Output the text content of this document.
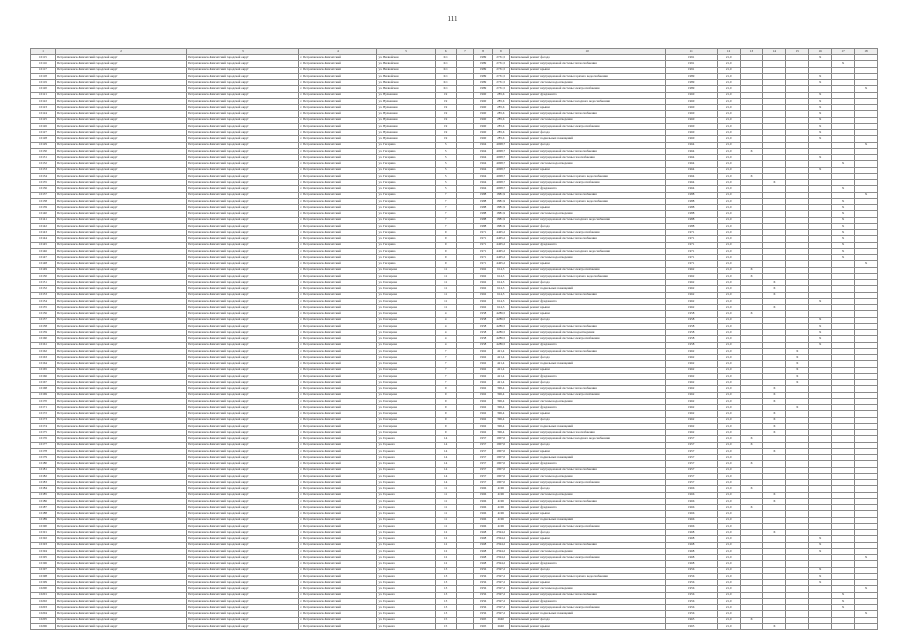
111
1	2	3	4	5	6	7	8	9	10	11	12	13	14	15	16	17	18
10115	Петропавловск-Камчатский городской округ	Петропавловск-Камчатский городской округ	г. Петропавловск-Камчатский	ул. Вилюйская	6/1		1989	2731,5	Капитальный ремонт фасада	1991	21,0				Х		
10116	Петропавловск-Камчатский городской округ	Петропавловск-Камчатский городской округ	г. Петропавловск-Камчатский	ул. Вилюйская	6/1		1989	2731,5	Капитальный ремонт внутридомовой системы теплоснабжения	1991	21,0					Х	
10117	Петропавловск-Камчатский городской округ	Петропавловск-Камчатский городской округ	г. Петропавловск-Камчатский	ул. Вилюйская	6/1		1989	2731,5	Капитальный ремонт крыши	1991	21,0						
10118	Петропавловск-Камчатский городской округ	Петропавловск-Камчатский городской округ	г. Петропавловск-Камчатский	ул. Вилюйская	6/1		1989	2731,5	Капитальный ремонт внутридомовой системы горячего водоснабжения	1989	21,0				Х		
10119	Петропавловск-Камчатский городской округ	Петропавловск-Камчатский городской округ	г. Петропавловск-Камчатский	ул. Вилюйская	6/1		1989	2731,5	Капитальный ремонт системы водоотведения	1989	21,0				Х		
10120	Петропавловск-Камчатский городской округ	Петропавловск-Камчатский городской округ	г. Петропавловск-Камчатский	ул. Вилюйская	6/1		1989	2731,5	Капитальный ремонт внутридомовой системы электроснабжения	1989	21,0						Х
10121	Петропавловск-Камчатский городской округ	Петропавловск-Камчатский городской округ	г. Петропавловск-Камчатский	ул. Вулканная	19		1960	285,6	Капитальный ремонт фундамента	1960	21,0				Х		
10122	Петропавловск-Камчатский городской округ	Петропавловск-Камчатский городской округ	г. Петропавловск-Камчатский	ул. Вулканная	19		1960	285,6	Капитальный ремонт внутридомовой системы холодного водоснабжения	1960	21,0				Х		
10123	Петропавловск-Камчатский городской округ	Петропавловск-Камчатский городской округ	г. Петропавловск-Камчатский	ул. Вулканная	19		1960	285,6	Капитальный ремонт крыши	1960	21,0				Х		
10124	Петропавловск-Камчатский городской округ	Петропавловск-Камчатский городской округ	г. Петропавловск-Камчатский	ул. Вулканная	19		1960	285,6	Капитальный ремонт внутридомовой системы теплоснабжения	1960	21,0				Х		
10125	Петропавловск-Камчатский городской округ	Петропавловск-Камчатский городской округ	г. Петропавловск-Камчатский	ул. Вулканная	19		1960	285,6	Капитальный ремонт системы водоотведения	1960	21,0				Х		
10126	Петропавловск-Камчатский городской округ	Петропавловск-Камчатский городской округ	г. Петропавловск-Камчатский	ул. Вулканная	19		1960	285,6	Капитальный ремонт внутридомовой системы электроснабжения	1960	21,0				Х		
10127	Петропавловск-Камчатский городской округ	Петропавловск-Камчатский городской округ	г. Петропавловск-Камчатский	ул. Вулканная	19		1960	285,6	Капитальный ремонт фасада	1960	21,0				Х		
10128	Петропавловск-Камчатский городской округ	Петропавловск-Камчатский городской округ	г. Петропавловск-Камчатский	ул. Вулканная	19		1960	285,6	Капитальный ремонт подвальных помещений	1960	21,0				Х		
10129	Петропавловск-Камчатский городской округ	Петропавловск-Камчатский городской округ	г. Петропавловск-Камчатский	ул. Гагарина	5		1964	4068,7	Капитальный ремонт фасада	1964	21,0						Х
10130	Петропавловск-Камчатский городской округ	Петропавловск-Камчатский городской округ	г. Петропавловск-Камчатский	ул. Гагарина	5		1964	4068,7	Капитальный ремонт внутридомовой системы теплоснабжения	1964	21,0	Х					
10131	Петропавловск-Камчатский городской округ	Петропавловск-Камчатский городской округ	г. Петропавловск-Камчатский	ул. Гагарина	5		1964	4068,7	Капитальный ремонт внутридомовой системы газоснабжения	1964	21,0				Х		
10132	Петропавловск-Камчатский городской округ	Петропавловск-Камчатский городской округ	г. Петропавловск-Камчатский	ул. Гагарина	5		1964	4068,7	Капитальный ремонт системы водоотведения	1964	21,0					Х	
10133	Петропавловск-Камчатский городской округ	Петропавловск-Камчатский городской округ	г. Петропавловск-Камчатский	ул. Гагарина	5		1964	4068,7	Капитальный ремонт крыши	1964	21,0				Х		
10134	Петропавловск-Камчатский городской округ	Петропавловск-Камчатский городской округ	г. Петропавловск-Камчатский	ул. Гагарина	5		1964	4068,7	Капитальный ремонт внутридомовой системы горячего водоснабжения	1964	21,0	Х					
10135	Петропавловск-Камчатский городской округ	Петропавловск-Камчатский городской округ	г. Петропавловск-Камчатский	ул. Гагарина	5		1964	4068,7	Капитальный ремонт внутридомовой системы электроснабжения	1964	21,0		Х				
10136	Петропавловск-Камчатский городской округ	Петропавловск-Камчатский городской округ	г. Петропавловск-Камчатский	ул. Гагарина	5		1964	4068,7	Капитальный ремонт фундамента	1964	21,0					Х	
10137	Петропавловск-Камчатский городской округ	Петропавловск-Камчатский городской округ	г. Петропавловск-Камчатский	ул. Гагарина	7		1988	1881,9	Капитальный ремонт внутридомовой системы теплоснабжения	1988	21,0						Х
10138	Петропавловск-Камчатский городской округ	Петропавловск-Камчатский городской округ	г. Петропавловск-Камчатский	ул. Гагарина	7		1988	1881,9	Капитальный ремонт внутридомовой системы горячего водоснабжения	1988	21,0					Х	
10139	Петропавловск-Камчатский городской округ	Петропавловск-Камчатский городской округ	г. Петропавловск-Камчатский	ул. Гагарина	7		1988	1881,9	Капитальный ремонт крыши	1988	21,0					Х	
10140	Петропавловск-Камчатский городской округ	Петропавловск-Камчатский городской округ	г. Петропавловск-Камчатский	ул. Гагарина	7		1988	1881,9	Капитальный ремонт системы водоотведения	1988	21,0					Х	
10141	Петропавловск-Камчатский городской округ	Петропавловск-Камчатский городской округ	г. Петропавловск-Камчатский	ул. Гагарина	7		1988	1881,9	Капитальный ремонт внутридомовой системы холодного водоснабжения	1988	21,0					Х	
10142	Петропавловск-Камчатский городской округ	Петропавловск-Камчатский городской округ	г. Петропавловск-Камчатский	ул. Гагарина	7		1988	1881,9	Капитальный ремонт фасада	1988	21,0					Х	
10143	Петропавловск-Камчатский городской округ	Петропавловск-Камчатский городской округ	г. Петропавловск-Камчатский	ул. Гагарина	9		1971	4465,2	Капитальный ремонт внутридомовой системы электроснабжения	1971	21,0					Х	
10144	Петропавловск-Камчатский городской округ	Петропавловск-Камчатский городской округ	г. Петропавловск-Камчатский	ул. Гагарина	9		1971	4465,2	Капитальный ремонт внутридомовой системы теплоснабжения	1971	21,0					Х	
10145	Петропавловск-Камчатский городской округ	Петропавловск-Камчатский городской округ	г. Петропавловск-Камчатский	ул. Гагарина	9		1971	4465,2	Капитальный ремонт фундамента	1971	21,0					Х	
10146	Петропавловск-Камчатский городской округ	Петропавловск-Камчатский городской округ	г. Петропавловск-Камчатский	ул. Гагарина	9		1971	4465,2	Капитальный ремонт внутридомовой системы холодного водоснабжения	1971	21,0					Х	
10147	Петропавловск-Камчатский городской округ	Петропавловск-Камчатский городской округ	г. Петропавловск-Камчатский	ул. Гагарина	9		1971	4465,2	Капитальный ремонт системы водоотведения	1971	21,0					Х	
10148	Петропавловск-Камчатский городской округ	Петропавловск-Камчатский городской округ	г. Петропавловск-Камчатский	ул. Гагарина	9		1971	4465,2	Капитальный ремонт крыши	1971	21,0						Х
10149	Петропавловск-Камчатский городской округ	Петропавловск-Камчатский городской округ	г. Петропавловск-Камчатский	ул. Гончарова	11		1962	614,3	Капитальный ремонт внутридомовой системы электроснабжения	1962	21,0	Х					
10150	Петропавловск-Камчатский городской округ	Петропавловск-Камчатский городской округ	г. Петропавловск-Камчатский	ул. Гончарова	11		1962	614,3	Капитальный ремонт внутридомовой системы горячего водоснабжения	1962	21,0	Х					
10151	Петропавловск-Камчатский городской округ	Петропавловск-Камчатский городской округ	г. Петропавловск-Камчатский	ул. Гончарова	11		1962	614,3	Капитальный ремонт фасада	1962	21,0		Х				
10152	Петропавловск-Камчатский городской округ	Петропавловск-Камчатский городской округ	г. Петропавловск-Камчатский	ул. Гончарова	11		1962	614,3	Капитальный ремонт подвальных помещений	1962	21,0		Х				
10153	Петропавловск-Камчатский городской округ	Петропавловск-Камчатский городской округ	г. Петропавловск-Камчатский	ул. Гончарова	11		1962	614,3	Капитальный ремонт внутридомовой системы теплоснабжения	1962	21,0		Х				
10154	Петропавловск-Камчатский городской округ	Петропавловск-Камчатский городской округ	г. Петропавловск-Камчатский	ул. Гончарова	11		1962	614,3	Капитальный ремонт фундамента	1962	21,0				Х		
10155	Петропавловск-Камчатский городской округ	Петропавловск-Камчатский городской округ	г. Петропавловск-Камчатский	ул. Гончарова	11		1962	614,3	Капитальный ремонт крыши	1962	21,0		Х				
10156	Петропавловск-Камчатский городской округ	Петропавловск-Камчатский городской округ	г. Петропавловск-Камчатский	ул. Гончарова	4		1958	4286,5	Капитальный ремонт крыши	1958	21,0	Х					
10157	Петропавловск-Камчатский городской округ	Петропавловск-Камчатский городской округ	г. Петропавловск-Камчатский	ул. Гончарова	4		1958	4286,5	Капитальный ремонт фасада	1958	21,0				Х		
10158	Петропавловск-Камчатский городской округ	Петропавловск-Камчатский городской округ	г. Петропавловск-Камчатский	ул. Гончарова	4		1958	4286,5	Капитальный ремонт внутридомовой системы теплоснабжения	1958	21,0				Х		
10159	Петропавловск-Камчатский городской округ	Петропавловск-Камчатский городской округ	г. Петропавловск-Камчатский	ул. Гончарова	4		1958	4286,5	Капитальный ремонт внутридомовой системы водоотведения	1958	21,0				Х		
10160	Петропавловск-Камчатский городской округ	Петропавловск-Камчатский городской округ	г. Петропавловск-Камчатский	ул. Гончарова	4		1958	4286,5	Капитальный ремонт внутридомовой системы электроснабжения	1958	21,0				Х		
10161	Петропавловск-Камчатский городской округ	Петропавловск-Камчатский городской округ	г. Петропавловск-Камчатский	ул. Гончарова	4		1958	4286,5	Капитальный ремонт фундамента	1958	21,0				Х		
10162	Петропавловск-Камчатский городской округ	Петропавловск-Камчатский городской округ	г. Петропавловск-Камчатский	ул. Гончарова	7		1962	421,4	Капитальный ремонт внутридомовой системы теплоснабжения	1962	21,0			Х			
10163	Петропавловск-Камчатский городской округ	Петропавловск-Камчатский городской округ	г. Петропавловск-Камчатский	ул. Гончарова	7		1962	421,4	Капитальный ремонт фасада	1962	21,0			Х			
10164	Петропавловск-Камчатский городской округ	Петропавловск-Камчатский городской округ	г. Петропавловск-Камчатский	ул. Гончарова	7		1962	421,4	Капитальный ремонт подвальных помещений	1962	21,0			Х			
10165	Петропавловск-Камчатский городской округ	Петропавловск-Камчатский городской округ	г. Петропавловск-Камчатский	ул. Гончарова	7		1962	421,4	Капитальный ремонт крыши	1962	21,0			Х			
10166	Петропавловск-Камчатский городской округ	Петропавловск-Камчатский городской округ	г. Петропавловск-Камчатский	ул. Гончарова	7		1962	421,4	Капитальный ремонт фундамента	1962	21,0			Х			
10167	Петропавловск-Камчатский городской округ	Петропавловск-Камчатский городской округ	г. Петропавловск-Камчатский	ул. Гончарова	7		1962	421,4	Капитальный ремонт фасада	1962	21,0			Х			
10168	Петропавловск-Камчатский городской округ	Петропавловск-Камчатский городской округ	г. Петропавловск-Камчатский	ул. Гончарова	9		1962	396,4	Капитальный ремонт внутридомовой системы теплоснабжения	1962	21,0		Х				
10169	Петропавловск-Камчатский городской округ	Петропавловск-Камчатский городской округ	г. Петропавловск-Камчатский	ул. Гончарова	9		1962	396,4	Капитальный ремонт внутридомовой системы электроснабжения	1962	21,0		Х				
10170	Петропавловск-Камчатский городской округ	Петропавловск-Камчатский городской округ	г. Петропавловск-Камчатский	ул. Гончарова	9		1962	396,4	Капитальный ремонт системы водоотведения	1962	21,0		Х				
10171	Петропавловск-Камчатский городской округ	Петропавловск-Камчатский городской округ	г. Петропавловск-Камчатский	ул. Гончарова	9		1962	396,4	Капитальный ремонт фундамента	1962	21,0			Х			
10172	Петропавловск-Камчатский городской округ	Петропавловск-Камчатский городской округ	г. Петропавловск-Камчатский	ул. Гончарова	9		1962	396,4	Капитальный ремонт крыши	1962	21,0		Х				
10173	Петропавловск-Камчатский городской округ	Петропавловск-Камчатский городской округ	г. Петропавловск-Камчатский	ул. Гончарова	9		1962	396,4	Капитальный ремонт фасада	1962	21,0		Х				
10174	Петропавловск-Камчатский городской округ	Петропавловск-Камчатский городской округ	г. Петропавловск-Камчатский	ул. Гончарова	9		1962	396,4	Капитальный ремонт подвальных помещений	1962	21,0		Х				
10175	Петропавловск-Камчатский городской округ	Петропавловск-Камчатский городской округ	г. Петропавловск-Камчатский	ул. Гончарова	9		1962	396,4	Капитальный ремонт внутридомовой системы газоснабжения	1962	21,0		Х				
10176	Петропавловск-Камчатский городской округ	Петропавловск-Камчатский городской округ	г. Петропавловск-Камчатский	ул. Горького	14		1957	1907,0	Капитальный ремонт внутридомовой системы холодного водоснабжения	1957	21,0	Х					
10177	Петропавловск-Камчатский городской округ	Петропавловск-Камчатский городской округ	г. Петропавловск-Камчатский	ул. Горького	14		1957	1907,0	Капитальный ремонт фасада	1957	21,0	Х					
10178	Петропавловск-Камчатский городской округ	Петропавловск-Камчатский городской округ	г. Петропавловск-Камчатский	ул. Горького	14		1957	1907,0	Капитальный ремонт крыши	1957	21,0		Х				
10179	Петропавловск-Камчатский городской округ	Петропавловск-Камчатский городской округ	г. Петропавловск-Камчатский	ул. Горького	14		1957	1907,0	Капитальный ремонт подвальных помещений	1957	21,0						
10180	Петропавловск-Камчатский городской округ	Петропавловск-Камчатский городской округ	г. Петропавловск-Камчатский	ул. Горького	14		1957	1907,0	Капитальный ремонт фундамента	1957	21,0	Х					
10181	Петропавловск-Камчатский городской округ	Петропавловск-Камчатский городской округ	г. Петропавловск-Камчатский	ул. Горького	14		1957	1907,0	Капитальный ремонт внутридомовой системы теплоснабжения	1957	21,0						
10182	Петропавловск-Камчатский городской округ	Петропавловск-Камчатский городской округ	г. Петропавловск-Камчатский	ул. Горького	14		1957	1907,0	Капитальный ремонт системы водоотведения	1957	21,0						
10183	Петропавловск-Камчатский городской округ	Петропавловск-Камчатский городской округ	г. Петропавловск-Камчатский	ул. Горького	14		1957	1907,0	Капитальный ремонт внутридомовой системы электроснабжения	1957	21,0						
10184	Петропавловск-Камчатский городской округ	Петропавловск-Камчатский городской округ	г. Петропавловск-Камчатский	ул. Горького	11		1966	4196	Капитальный ремонт фасада	1966	21,0	Х					
10185	Петропавловск-Камчатский городской округ	Петропавловск-Камчатский городской округ	г. Петропавловск-Камчатский	ул. Горького	11		1966	4196	Капитальный ремонт системы водоотведения	1966	21,0		Х				
10186	Петропавловск-Камчатский городской округ	Петропавловск-Камчатский городской округ	г. Петропавловск-Камчатский	ул. Горького	11		1966	4196	Капитальный ремонт внутридомовой системы теплоснабжения	1966	21,0		Х				
10187	Петропавловск-Камчатский городской округ	Петропавловск-Камчатский городской округ	г. Петропавловск-Камчатский	ул. Горького	11		1966	4196	Капитальный ремонт фундамента	1966	21,0	Х					
10188	Петропавловск-Камчатский городской округ	Петропавловск-Камчатский городской округ	г. Петропавловск-Камчатский	ул. Горького	11		1966	4196	Капитальный ремонт крыши	1966	21,0						
10189	Петропавловск-Камчатский городской округ	Петропавловск-Камчатский городской округ	г. Петропавловск-Камчатский	ул. Горького	11		1966	4196	Капитальный ремонт подвальных помещений	1966	21,0						
10190	Петропавловск-Камчатский городской округ	Петропавловск-Камчатский городской округ	г. Петропавловск-Камчатский	ул. Горького	11		1966	4196	Капитальный ремонт внутридомовой системы электроснабжения	1966	21,0						
10191	Петропавловск-Камчатский городской округ	Петропавловск-Камчатский городской округ	г. Петропавловск-Камчатский	ул. Горького	12		1968	2594,2	Капитальный ремонт фасада	1968	21,0		Х				
10192	Петропавловск-Камчатский городской округ	Петропавловск-Камчатский городской округ	г. Петропавловск-Камчатский	ул. Горького	12		1968	2594,2	Капитальный ремонт крыши	1968	21,0				Х		
10193	Петропавловск-Камчатский городской округ	Петропавловск-Камчатский городской округ	г. Петропавловск-Камчатский	ул. Горького	12		1968	2594,2	Капитальный ремонт внутридомовой системы теплоснабжения	1968	21,0				Х		
10194	Петропавловск-Камчатский городской округ	Петропавловск-Камчатский городской округ	г. Петропавловск-Камчатский	ул. Горького	12		1968	2594,2	Капитальный ремонт системы водоотведения	1968	21,0				Х		
10195	Петропавловск-Камчатский городской округ	Петропавловск-Камчатский городской округ	г. Петропавловск-Камчатский	ул. Горького	12		1968	2594,2	Капитальный ремонт внутридомовой системы электроснабжения	1968	21,0						Х
10196	Петропавловск-Камчатский городской округ	Петропавловск-Камчатский городской округ	г. Петропавловск-Камчатский	ул. Горького	12		1968	2594,2	Капитальный ремонт фундамента	1968	21,0						
10197	Петропавловск-Камчатский городской округ	Петропавловск-Камчатский городской округ	г. Петропавловск-Камчатский	ул. Горького	13		1956	2597,2	Капитальный ремонт фасада	1956	21,0				Х		
10198	Петропавловск-Камчатский городской округ	Петропавловск-Камчатский городской округ	г. Петропавловск-Камчатский	ул. Горького	13		1956	2597,2	Капитальный ремонт внутридомовой системы горячего водоснабжения	1956	21,0				Х		
10199	Петропавловск-Камчатский городской округ	Петропавловск-Камчатский городской округ	г. Петропавловск-Камчатский	ул. Горького	13		1956	2597,2	Капитальный ремонт крыши	1956	21,0				Х		
10200	Петропавловск-Камчатский городской округ	Петропавловск-Камчатский городской округ	г. Петропавловск-Камчатский	ул. Горького	13		1956	2597,2	Капитальный ремонт системы водоотведения	1956	21,0						Х
10201	Петропавловск-Камчатский городской округ	Петропавловск-Камчатский городской округ	г. Петропавловск-Камчатский	ул. Горького	13		1956	2597,2	Капитальный ремонт внутридомовой системы теплоснабжения	1956	21,0					Х	
10202	Петропавловск-Камчатский городской округ	Петропавловск-Камчатский городской округ	г. Петропавловск-Камчатский	ул. Горького	13		1956	2597,2	Капитальный ремонт фундамента	1956	21,0					Х	
10203	Петропавловск-Камчатский городской округ	Петропавловск-Камчатский городской округ	г. Петропавловск-Камчатский	ул. Горького	13		1956	2597,2	Капитальный ремонт внутридомовой системы электроснабжения	1956	21,0					Х	
10204	Петропавловск-Камчатский городской округ	Петропавловск-Камчатский городской округ	г. Петропавловск-Камчатский	ул. Горького	13		1956	2597,2	Капитальный ремонт подвальных помещений	1956	21,0						Х
10205	Петропавловск-Камчатский городской округ	Петропавловск-Камчатский городской округ	г. Петропавловск-Камчатский	ул. Горького	15		1965	2640	Капитальный ремонт фасада	1965	21,0	Х					
10206	Петропавловск-Камчатский городской округ	Петропавловск-Камчатский городской округ	г. Петропавловск-Камчатский	ул. Горького	15		1965	2640	Капитальный ремонт крыши	1965	21,0		Х				
